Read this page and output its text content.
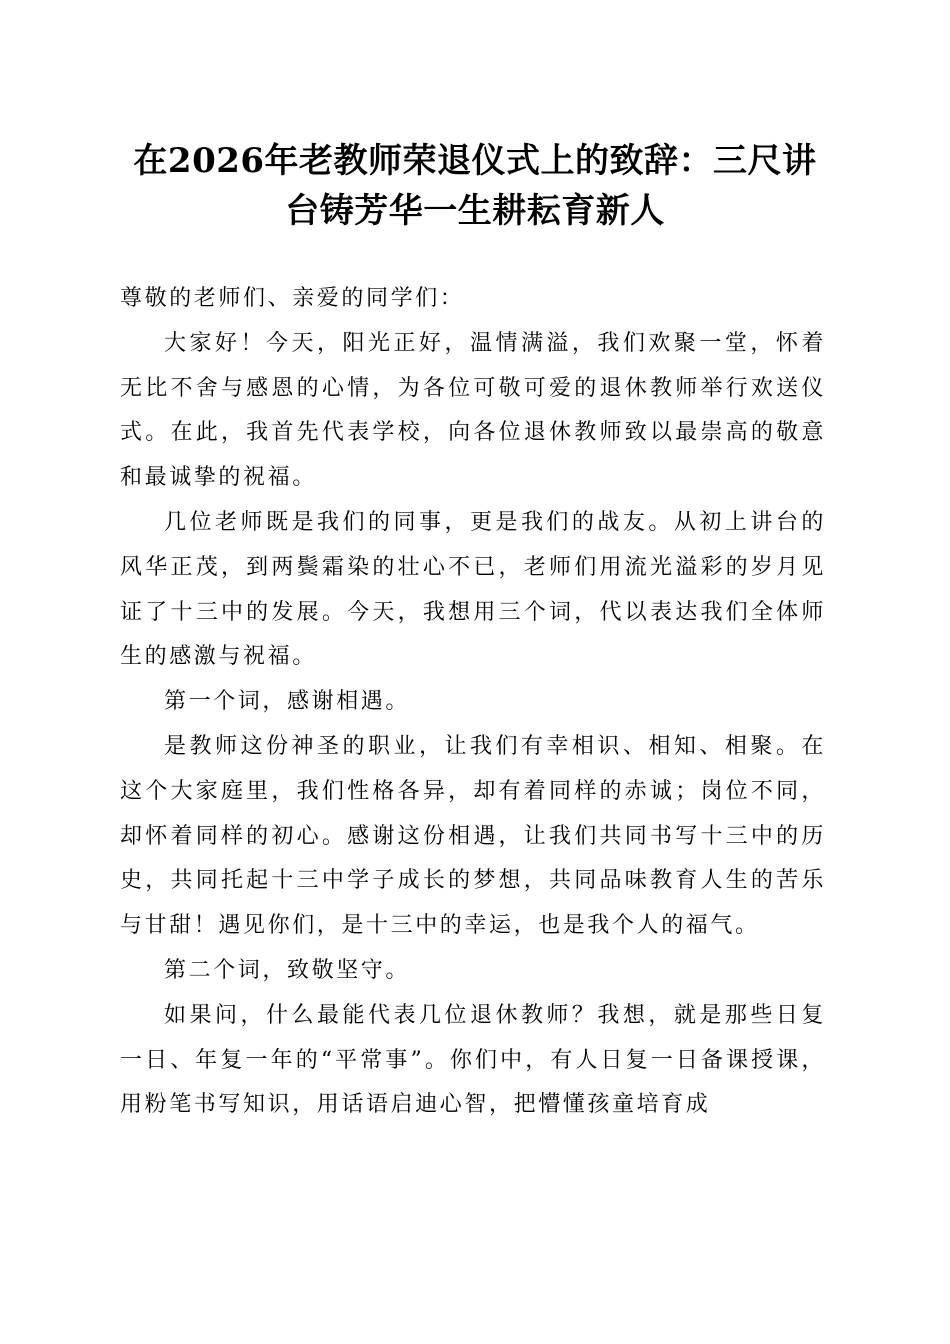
在2026年老教师荣退仪式上的致辞：三尺讲台铸芳华一生耕耘育新人

尊敬的老师们、亲爱的同学们：

大家好！今天，阳光正好，温情满溢，我们欢聚一堂，怀着无比不舍与感恩的心情，为各位可敬可爱的退休教师举行欢送仪式。在此，我首先代表学校，向各位退休教师致以最崇高的敬意和最诚挚的祝福。

几位老师既是我们的同事，更是我们的战友。从初上讲台的风华正茂，到两鬓霜染的壮心不已，老师们用流光溢彩的岁月见证了十三中的发展。今天，我想用三个词，代以表达我们全体师生的感激与祝福。

第一个词，感谢相遇。

是教师这份神圣的职业，让我们有幸相识、相知、相聚。在这个大家庭里，我们性格各异，却有着同样的赤诚；岗位不同，却怀着同样的初心。感谢这份相遇，让我们共同书写十三中的历史，共同托起十三中学子成长的梦想，共同品味教育人生的苦乐与甘甜！遇见你们，是十三中的幸运，也是我个人的福气。

第二个词，致敬坚守。

如果问，什么最能代表几位退休教师？我想，就是那些日复一日、年复一年的“平常事”。你们中，有人日复一日备课授课，用粉笔书写知识，用话语启迪心智，把懵懂孩童培育成
